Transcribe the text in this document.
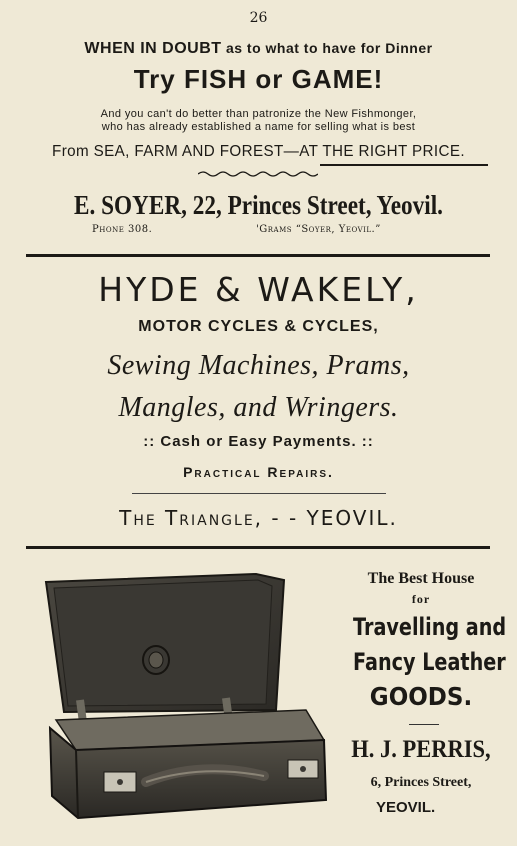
26
WHEN IN DOUBT as to what to have for Dinner
Try FISH or GAME!
And you can't do better than patronize the New Fishmonger,
who has already established a name for selling what is best
From SEA, FARM AND FOREST—AT THE RIGHT PRICE.
E. SOYER, 22, Princes Street, Yeovil.
Phone 308.	'Grams “Soyer, Yeovil.”
HYDE & WAKELY,
MOTOR CYCLES & CYCLES,
Sewing Machines, Prams,
Mangles, and Wringers.
:: Cash or Easy Payments. ::
Practical Repairs.
The Triangle, - - YEOVIL.
The Best House
for
Travelling and
Fancy Leather
GOODS.
H. J. PERRIS,
6, Princes Street,
YEOVIL.
